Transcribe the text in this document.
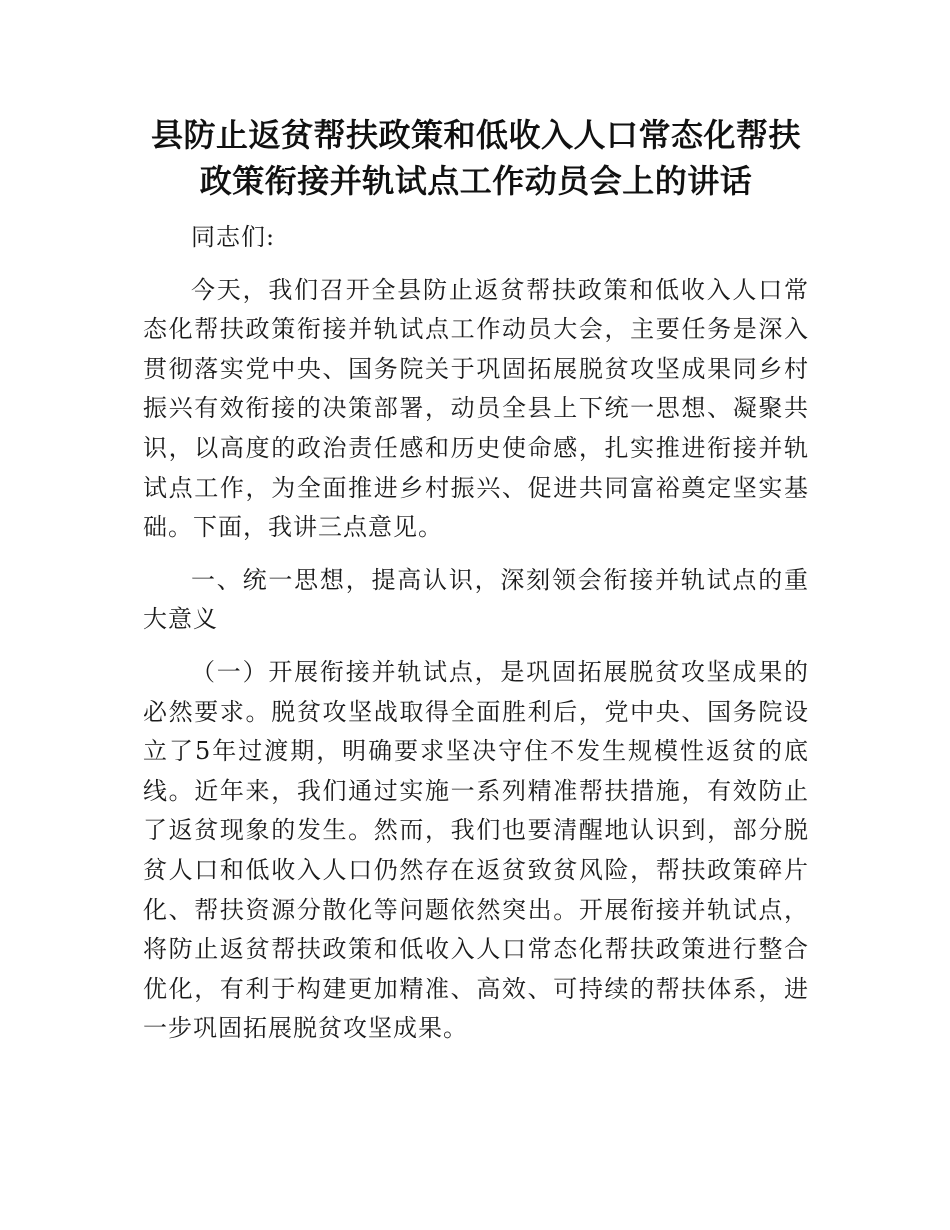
县防止返贫帮扶政策和低收入人口常态化帮扶
政策衔接并轨试点工作动员会上的讲话

同志们:

今天，我们召开全县防止返贫帮扶政策和低收入人口常态化帮扶政策衔接并轨试点工作动员大会，主要任务是深入贯彻落实党中央、国务院关于巩固拓展脱贫攻坚成果同乡村振兴有效衔接的决策部署，动员全县上下统一思想、凝聚共识，以高度的政治责任感和历史使命感，扎实推进衔接并轨试点工作，为全面推进乡村振兴、促进共同富裕奠定坚实基础。下面，我讲三点意见。

一、统一思想，提高认识，深刻领会衔接并轨试点的重大意义

（一）开展衔接并轨试点，是巩固拓展脱贫攻坚成果的必然要求。脱贫攻坚战取得全面胜利后，党中央、国务院设立了5年过渡期，明确要求坚决守住不发生规模性返贫的底线。近年来，我们通过实施一系列精准帮扶措施，有效防止了返贫现象的发生。然而，我们也要清醒地认识到，部分脱贫人口和低收入人口仍然存在返贫致贫风险，帮扶政策碎片化、帮扶资源分散化等问题依然突出。开展衔接并轨试点，将防止返贫帮扶政策和低收入人口常态化帮扶政策进行整合优化，有利于构建更加精准、高效、可持续的帮扶体系，进一步巩固拓展脱贫攻坚成果。
